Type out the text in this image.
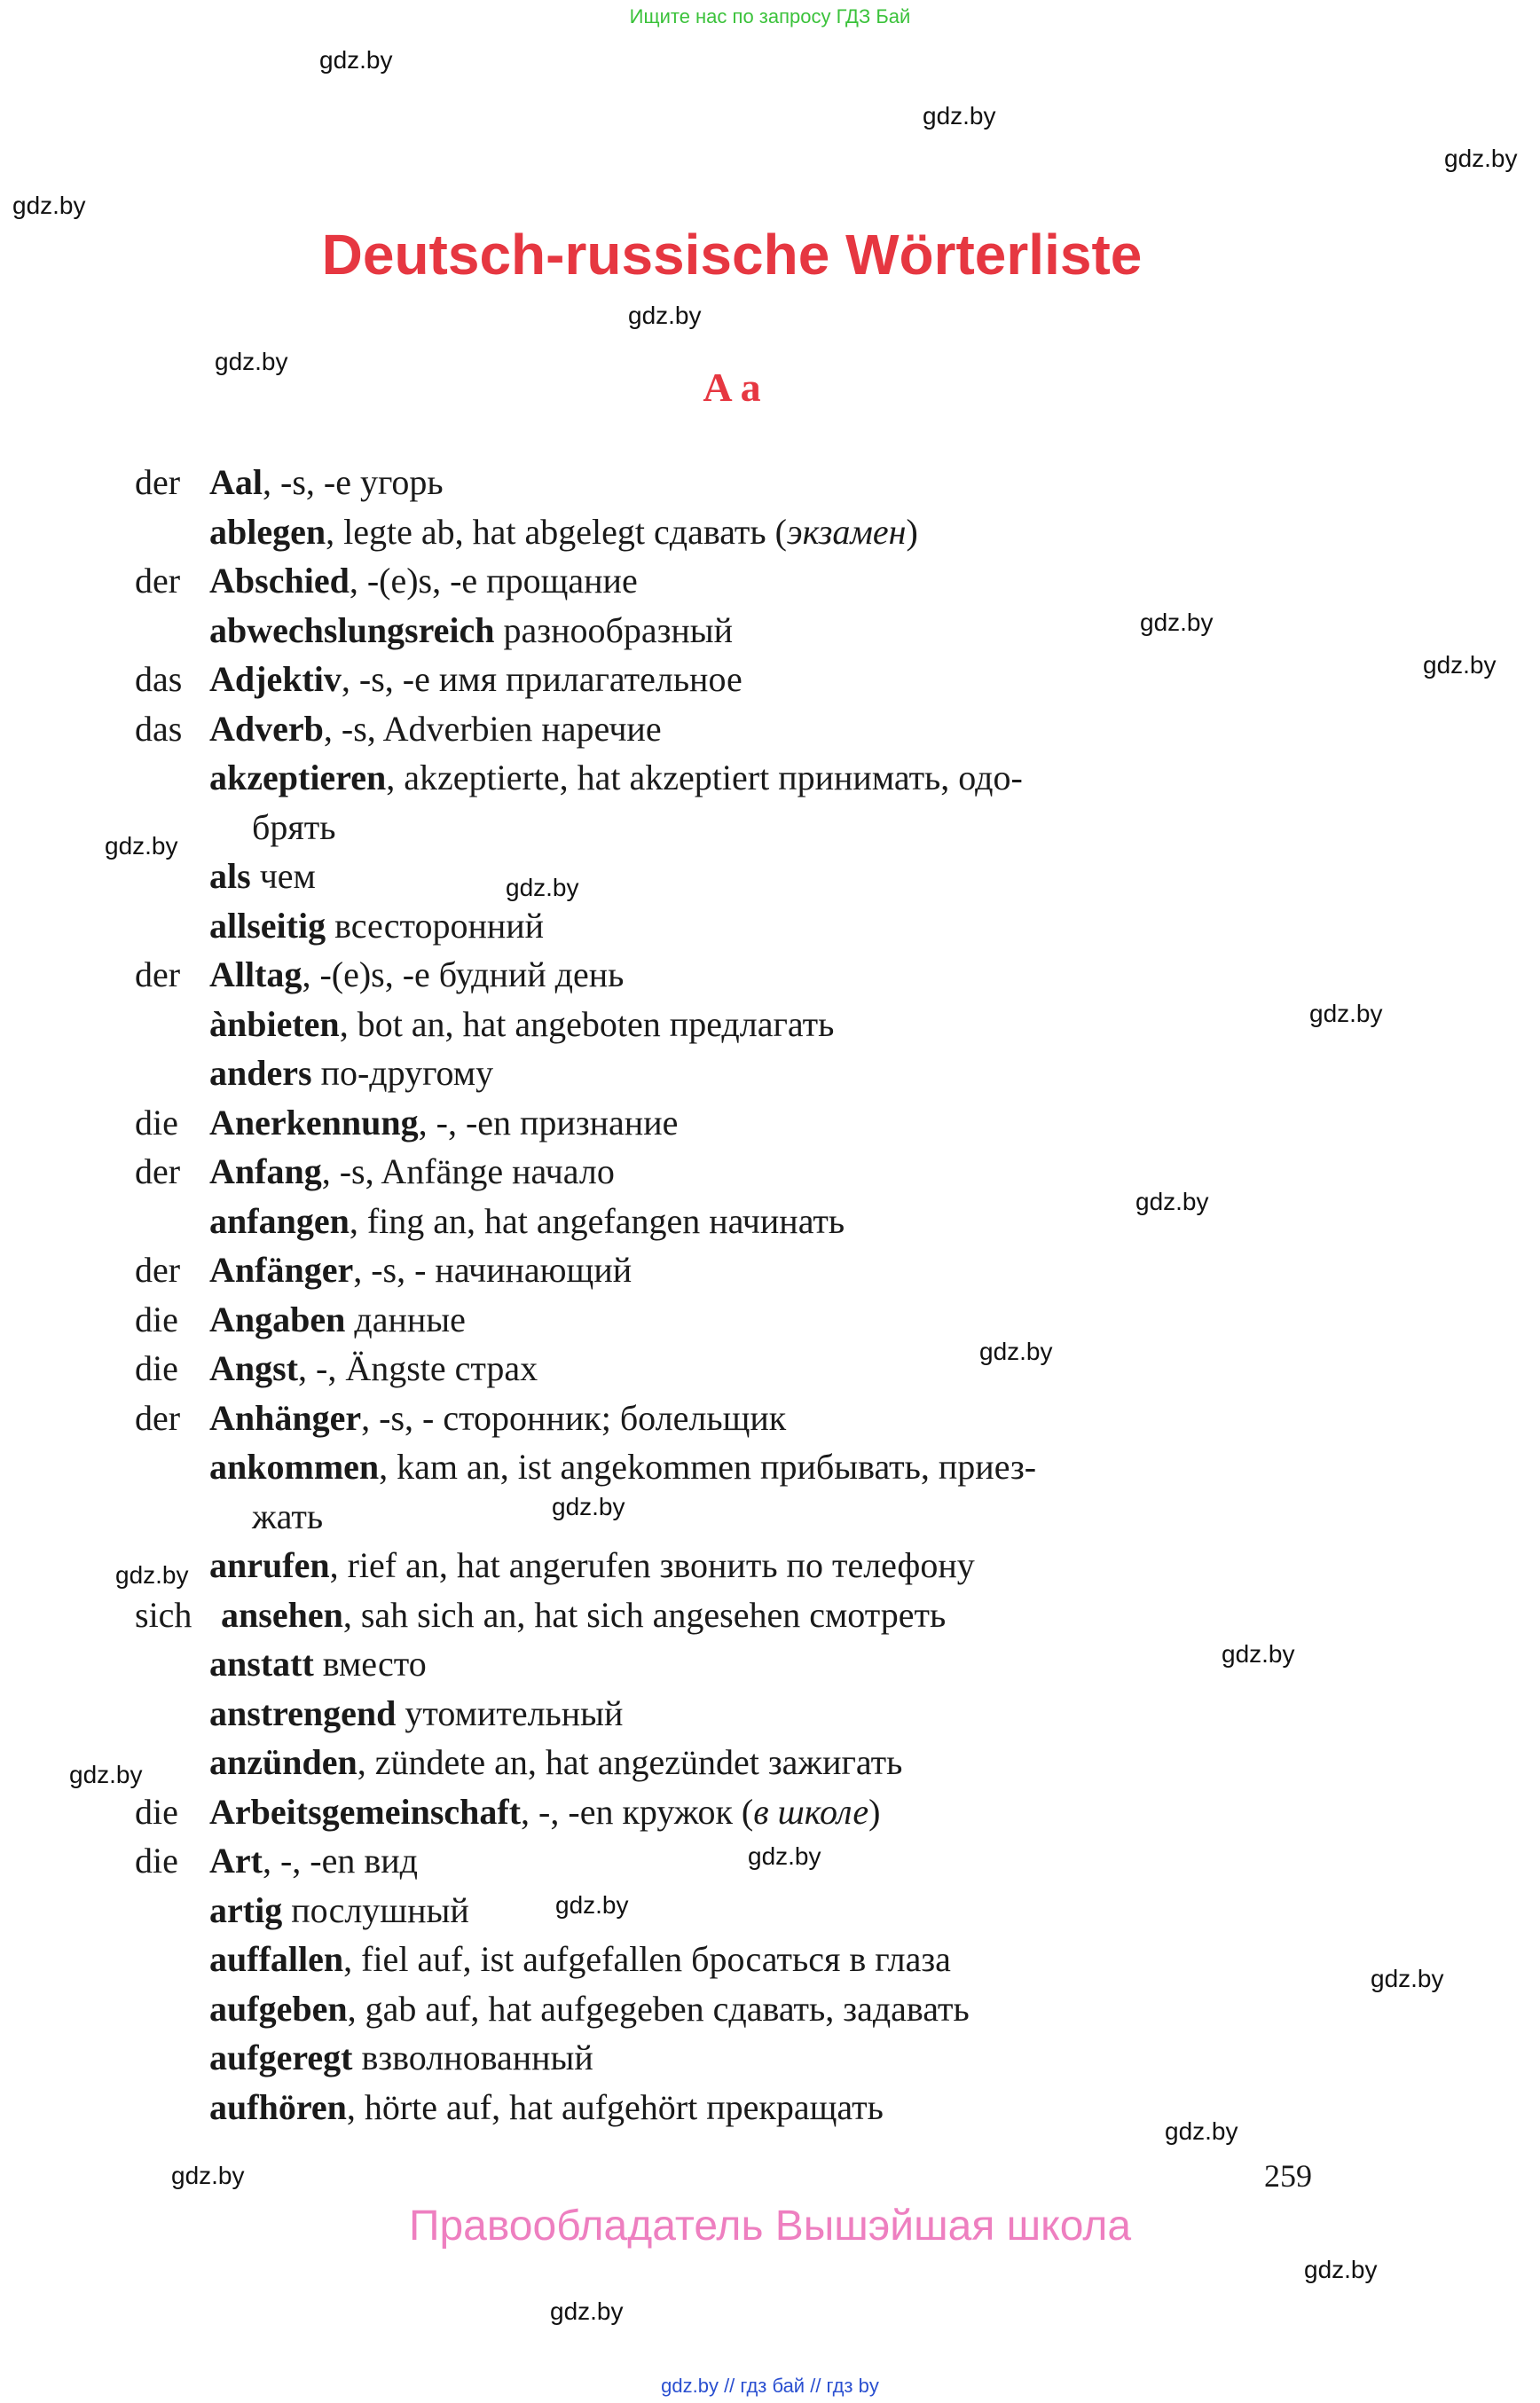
Ищите нас по запросу ГДЗ Бай
gdz.by
gdz.by
gdz.by
gdz.by
gdz.by
gdz.by
gdz.by
gdz.by
gdz.by
gdz.by
gdz.by
gdz.by
gdz.by
gdz.by
gdz.by
gdz.by
gdz.by
gdz.by
gdz.by
gdz.by
gdz.by
gdz.by
gdz.by
gdz.by
Deutsch-russische Wörterliste
A a
der Aal, -s, -e угорь
ablegen, legte ab, hat abgelegt сдавать (экзамен)
der Abschied, -(e)s, -e прощание
abwechslungsreich разнообразный
das Adjektiv, -s, -e имя прилагательное
das Adverb, -s, Adverbien наречие
akzeptieren, akzeptierte, hat akzeptiert принимать, одо-
брять
als чем
allseitig всесторонний
der Alltag, -(e)s, -e будний день
ànbieten, bot an, hat angeboten предлагать
anders по-другому
die Anerkennung, -, -en признание
der Anfang, -s, Anfänge начало
anfangen, fing an, hat angefangen начинать
der Anfänger, -s, - начинающий
die Angaben данные
die Angst, -, Ängste страх
der Anhänger, -s, - сторонник; болельщик
ankommen, kam an, ist angekommen прибывать, приез-
жать
anrufen, rief an, hat angerufen звонить по телефону
sich ansehen, sah sich an, hat sich angesehen смотреть
anstatt вместо
anstrengend утомительный
anzünden, zündete an, hat angezündet зажигать
die Arbeitsgemeinschaft, -, -en кружок (в школе)
die Art, -, -en вид
artig послушный
auffallen, fiel auf, ist aufgefallen бросаться в глаза
aufgeben, gab auf, hat aufgegeben сдавать, задавать
aufgeregt взволнованный
aufhören, hörte auf, hat aufgehört прекращать
259
Правообладатель Вышэйшая школа
gdz.by // гдз бай // гдз by
